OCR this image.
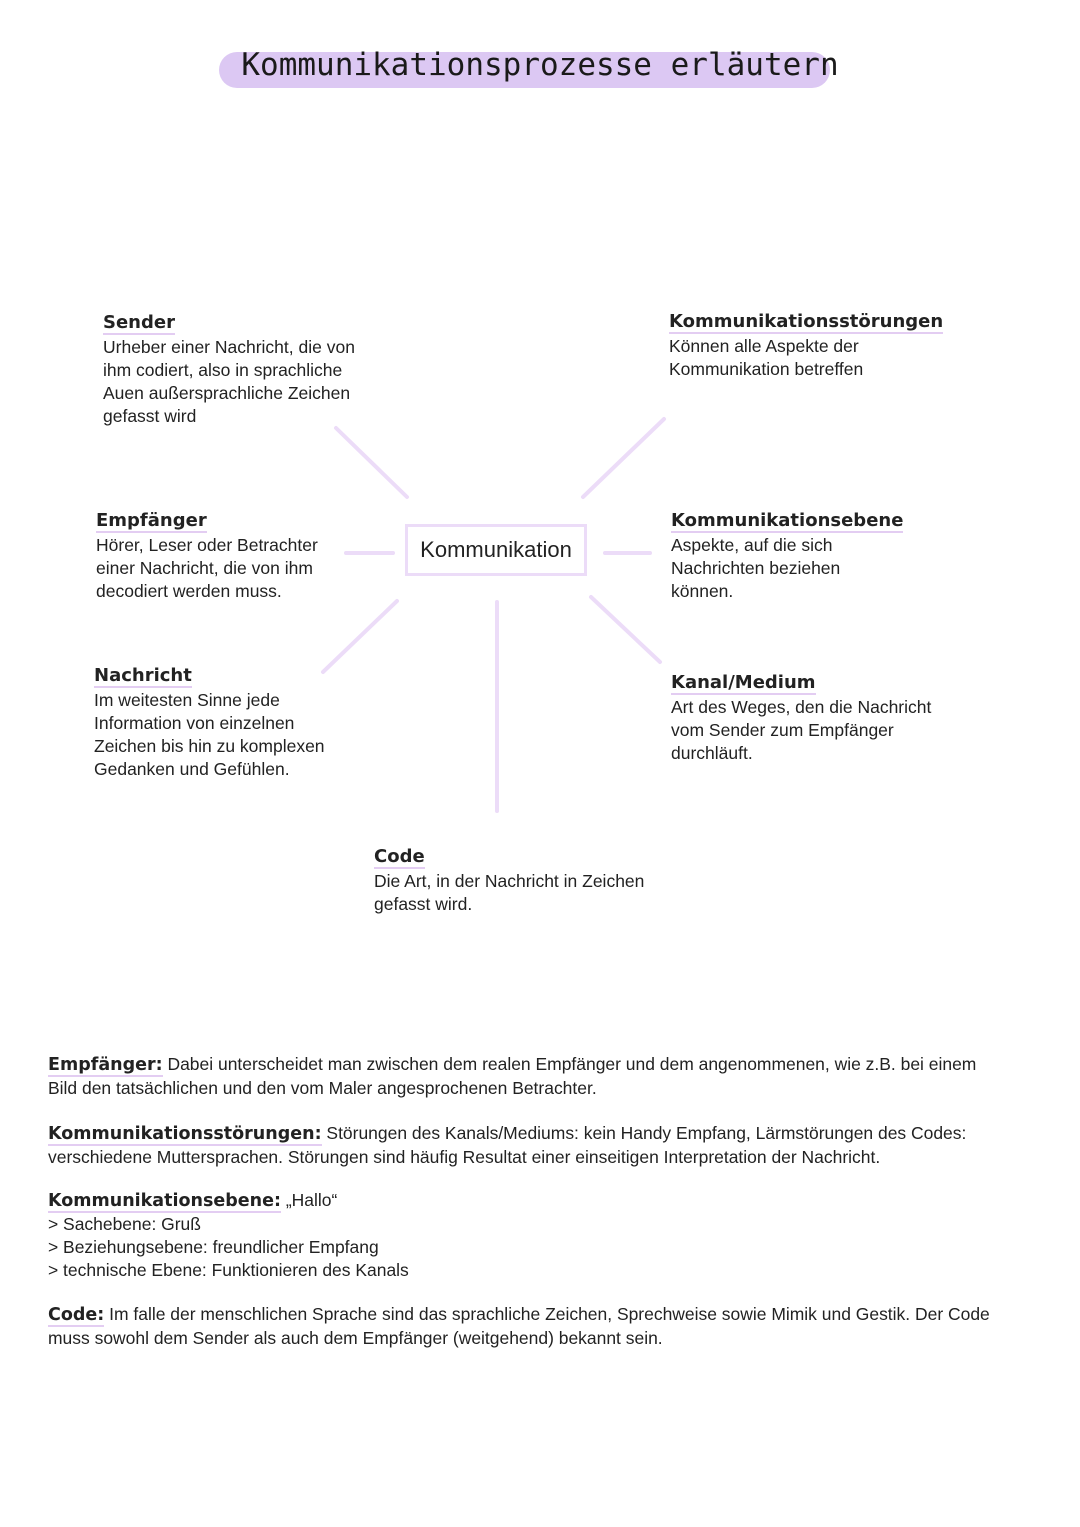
Kommunikationsprozesse erläutern
Kommunikation
Sender
Urheber einer Nachricht, die von
ihm codiert, also in sprachliche
Auen außersprachliche Zeichen
gefasst wird
Empfänger
Hörer, Leser oder Betrachter
einer Nachricht, die von ihm
decodiert werden muss.
Nachricht
Im weitesten Sinne jede
Information von einzelnen
Zeichen bis hin zu komplexen
Gedanken und Gefühlen.
Kommunikationsstörungen
Können alle Aspekte der
Kommunikation betreffen
Kommunikationsebene
Aspekte, auf die sich
Nachrichten beziehen
können.
Kanal/Medium
Art des Weges, den die Nachricht
vom Sender zum Empfänger
durchläuft.
Code
Die Art, in der Nachricht in Zeichen
gefasst wird.
Empfänger: Dabei unterscheidet man zwischen dem realen Empfänger und dem angenommenen, wie z.B. bei einem
Bild den tatsächlichen und den vom Maler angesprochenen Betrachter.
Kommunikationsstörungen: Störungen des Kanals/Mediums: kein Handy Empfang, Lärmstörungen des Codes:
verschiedene Muttersprachen. Störungen sind häufig Resultat einer einseitigen Interpretation der Nachricht.
Kommunikationsebene: „Hallo“
> Sachebene: Gruß
> Beziehungsebene: freundlicher Empfang
> technische Ebene: Funktionieren des Kanals
Code: Im falle der menschlichen Sprache sind das sprachliche Zeichen, Sprechweise sowie Mimik und Gestik. Der Code
muss sowohl dem Sender als auch dem Empfänger (weitgehend) bekannt sein.
